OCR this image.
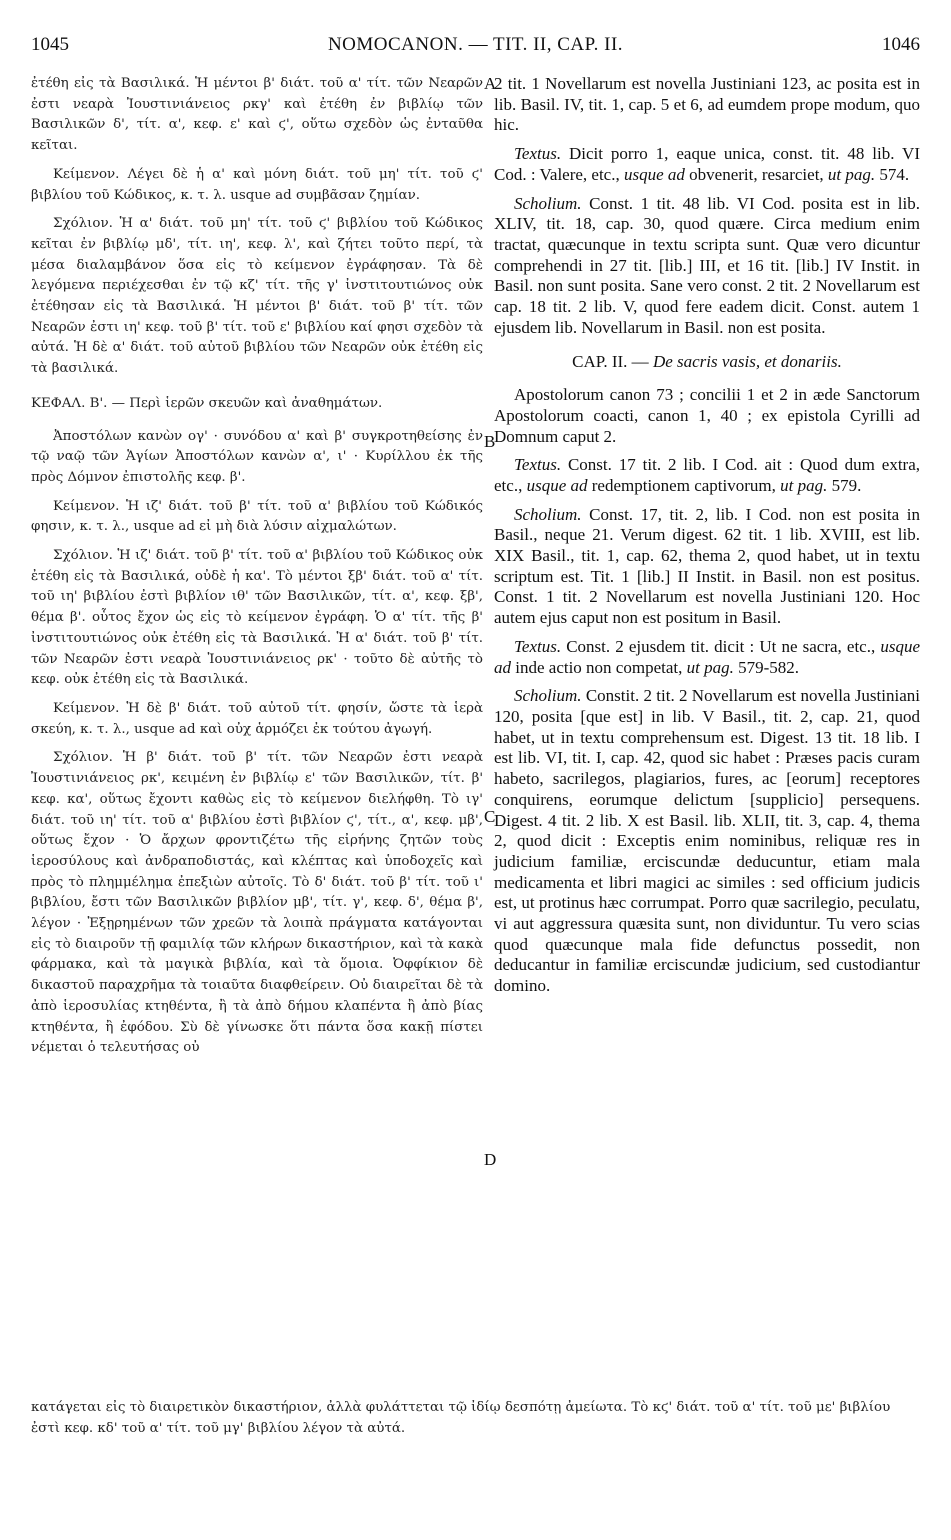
1045	NOMOCANON. — TIT. II, CAP. II.	1046

ἐτέθη εἰς τὰ Βασιλικά. Ἡ μέντοι β' διάτ. τοῦ α' τίτ. τῶν Νεαρῶν ἐστι νεαρὰ Ἰουστινιάνειος ρκγ' καὶ ἐτέθη ἐν βιβλίῳ τῶν Βασιλικῶν δ', τίτ. α', κεφ. ε' καὶ ϛ', οὕτω σχεδὸν ὡς ἐνταῦθα κεῖται.

Κείμενον. Λέγει δὲ ἡ α' καὶ μόνη διάτ. τοῦ μη' τίτ. τοῦ ϛ' βιβλίου τοῦ Κώδικος, κ. τ. λ. usque ad συμβᾶσαν ζημίαν.

Σχόλιον. Ἡ α' διάτ. τοῦ μη' τίτ. τοῦ ϛ' βιβλίου τοῦ Κώδικος κεῖται ἐν βιβλίῳ μδ', τίτ. ιη', κεφ. λ', καὶ ζήτει τοῦτο περί, τὰ μέσα διαλαμβάνον ὅσα εἰς τὸ κείμενον ἐγράφησαν. Τὰ δὲ λεγόμενα περιέχεσθαι ἐν τῷ κζ' τίτ. τῆς γ' ἰνστιτουτιώνος οὐκ ἐτέθησαν εἰς τὰ Βασιλικά. Ἡ μέντοι β' διάτ. τοῦ β' τίτ. τῶν Νεαρῶν ἐστι ιη' κεφ. τοῦ β' τίτ. τοῦ ε' βιβλίου καί φησι σχεδὸν τὰ αὐτά. Ἡ δὲ α' διάτ. τοῦ αὐτοῦ βιβλίου τῶν Νεαρῶν οὐκ ἐτέθη εἰς τὰ βασιλικά.

ΚΕΦΑΛ. Β'. — Περὶ ἱερῶν σκευῶν καὶ ἀναθημάτων.

Ἀποστόλων κανὼν ογ' · συνόδου α' καὶ β' συγκροτηθείσης ἐν τῷ ναῷ τῶν Ἁγίων Ἀποστόλων κανὼν α', ι' · Κυρίλλου ἐκ τῆς πρὸς Δόμνον ἐπιστολῆς κεφ. β'.

Κείμενον. Ἡ ιζ' διάτ. τοῦ β' τίτ. τοῦ α' βιβλίου τοῦ Κώδικός φησιν, κ. τ. λ., usque ad εἰ μὴ διὰ λύσιν αἰχμαλώτων.

Σχόλιον. Ἡ ιζ' διάτ. τοῦ β' τίτ. τοῦ α' βιβλίου τοῦ Κώδικος οὐκ ἐτέθη εἰς τὰ Βασιλικά, οὐδὲ ἡ κα'. Τὸ μέντοι ξβ' διάτ. τοῦ α' τίτ. τοῦ ιη' βιβλίου ἐστὶ βιβλίον ιθ' τῶν Βασιλικῶν, τίτ. α', κεφ. ξβ', θέμα β'. οὗτος ἔχον ὡς εἰς τὸ κείμενον ἐγράφη. Ὁ α' τίτ. τῆς β' ἰνστιτουτιώνος οὐκ ἐτέθη εἰς τὰ Βασιλικά. Ἡ α' διάτ. τοῦ β' τίτ. τῶν Νεαρῶν ἐστι νεαρὰ Ἰουστινιάνειος ρκ' · τοῦτο δὲ αὐτῆς τὸ κεφ. οὐκ ἐτέθη εἰς τὰ Βασιλικά.

Κείμενον. Ἡ δὲ β' διάτ. τοῦ αὐτοῦ τίτ. φησίν, ὥστε τὰ ἱερὰ σκεύη, κ. τ. λ., usque ad καὶ οὐχ ἁρμόζει ἐκ τούτου ἀγωγή.

Σχόλιον. Ἡ β' διάτ. τοῦ β' τίτ. τῶν Νεαρῶν ἐστι νεαρὰ Ἰουστινιάνειος ρκ', κειμένη ἐν βιβλίῳ ε' τῶν Βασιλικῶν, τίτ. β' κεφ. κα', οὕτως ἔχοντι καθὼς εἰς τὸ κείμενον διελήφθη. Τὸ ιγ' διάτ. τοῦ ιη' τίτ. τοῦ α' βιβλίου ἐστὶ βιβλίον ϛ', τίτ., α', κεφ. μβ', οὕτως ἔχον · Ὁ ἄρχων φροντιζέτω τῆς εἰρήνης ζητῶν τοὺς ἱεροσύλους καὶ ἀνδραποδιστάς, καὶ κλέπτας καὶ ὑποδοχεῖς καὶ πρὸς τὸ πλημμέλημα ἐπεξιὼν αὐτοῖς. Τὸ δ' διάτ. τοῦ β' τίτ. τοῦ ι' βιβλίου, ἔστι τῶν Βασιλικῶν βιβλίον μβ', τίτ. γ', κεφ. δ', θέμα β', λέγον · Ἐξῃρημένων τῶν χρεῶν τὰ λοιπὰ πράγματα κατάγονται εἰς τὸ διαιροῦν τῇ φαμιλίᾳ τῶν κλήρων δικαστήριον, καὶ τὰ κακὰ φάρμακα, καὶ τὰ μαγικὰ βιβλία, καὶ τὰ ὅμοια. Ὀφφίκιον δὲ δικαστοῦ παραχρῆμα τὰ τοιαῦτα διαφθείρειν. Οὐ διαιρεῖται δὲ τὰ ἀπὸ ἱεροσυλίας κτηθέντα, ἢ τὰ ἀπὸ δήμου κλαπέντα ἢ ἀπὸ βίας κτηθέντα, ἢ ἐφόδου. Σὺ δὲ γίνωσκε ὅτι πάντα ὅσα κακῇ πίστει νέμεται ὁ τελευτήσας οὐ

2 tit. 1 Novellarum est novella Justiniani 123, ac posita est in lib. Basil. IV, tit. 1, cap. 5 et 6, ad eumdem prope modum, quo hic.

Textus. Dicit porro 1, eaque unica, const. tit. 48 lib. VI Cod. : Valere, etc., usque ad obvenerit, resarciet, ut pag. 574.

Scholium. Const. 1 tit. 48 lib. VI Cod. posita est in lib. XLIV, tit. 18, cap. 30, quod quære. Circa medium enim tractat, quæcunque in textu scripta sunt. Quæ vero dicuntur comprehendi in 27 tit. [lib.] III, et 16 tit. [lib.] IV Instit. in Basil. non sunt posita. Sane vero const. 2 tit. 2 Novellarum est cap. 18 tit. 2 lib. V, quod fere eadem dicit. Const. autem 1 ejusdem lib. Novellarum in Basil. non est posita.

CAP. II. — De sacris vasis, et donariis.

Apostolorum canon 73 ; concilii 1 et 2 in æde Sanctorum Apostolorum coacti, canon 1, 40 ; ex epistola Cyrilli ad Domnum caput 2.

Textus. Const. 17 tit. 2 lib. I Cod. ait : Quod dum extra, etc., usque ad redemptionem captivorum, ut pag. 579.

Scholium. Const. 17, tit. 2, lib. I Cod. non est posita in Basil., neque 21. Verum digest. 62 tit. 1 lib. XVIII, est lib. XIX Basil., tit. 1, cap. 62, thema 2, quod habet, ut in textu scriptum est. Tit. 1 [lib.] II Instit. in Basil. non est positus. Const. 1 tit. 2 Novellarum est novella Justiniani 120. Hoc autem ejus caput non est positum in Basil.

Textus. Const. 2 ejusdem tit. dicit : Ut ne sacra, etc., usque ad inde actio non competat, ut pag. 579-582.

Scholium. Constit. 2 tit. 2 Novellarum est novella Justiniani 120, posita [que est] in lib. V Basil., tit. 2, cap. 21, quod habet, ut in textu comprehensum est. Digest. 13 tit. 18 lib. I est lib. VI, tit. I, cap. 42, quod sic habet : Præses pacis curam habeto, sacrilegos, plagiarios, fures, ac [eorum] receptores conquirens, eorumque delictum [supplicio] persequens. Digest. 4 tit. 2 lib. X est Basil. lib. XLII, tit. 3, cap. 4, thema 2, quod dicit : Exceptis enim nominibus, reliquæ res in judicium familiæ, erciscundæ deducuntur, etiam mala medicamenta et libri magici ac similes : sed officium judicis est, ut protinus hæc corrumpat. Porro quæ sacrilegio, peculatu, vi aut aggressura quæsita sunt, non dividuntur. Tu vero scias quod quæcunque mala fide defunctus possedit, non deducantur in familiæ erciscundæ judicium, sed custodiantur domino.

A
B
C
D
κατάγεται εἰς τὸ διαιρετικὸν δικαστήριον, ἀλλὰ φυλάττεται τῷ ἰδίῳ δεσπότῃ ἀμείωτα. Τὸ κϛ' διάτ. τοῦ α' τίτ. τοῦ με' βιβλίου ἐστὶ κεφ. κδ' τοῦ α' τίτ. τοῦ μγ' βιβλίου λέγον τὰ αὐτά.
